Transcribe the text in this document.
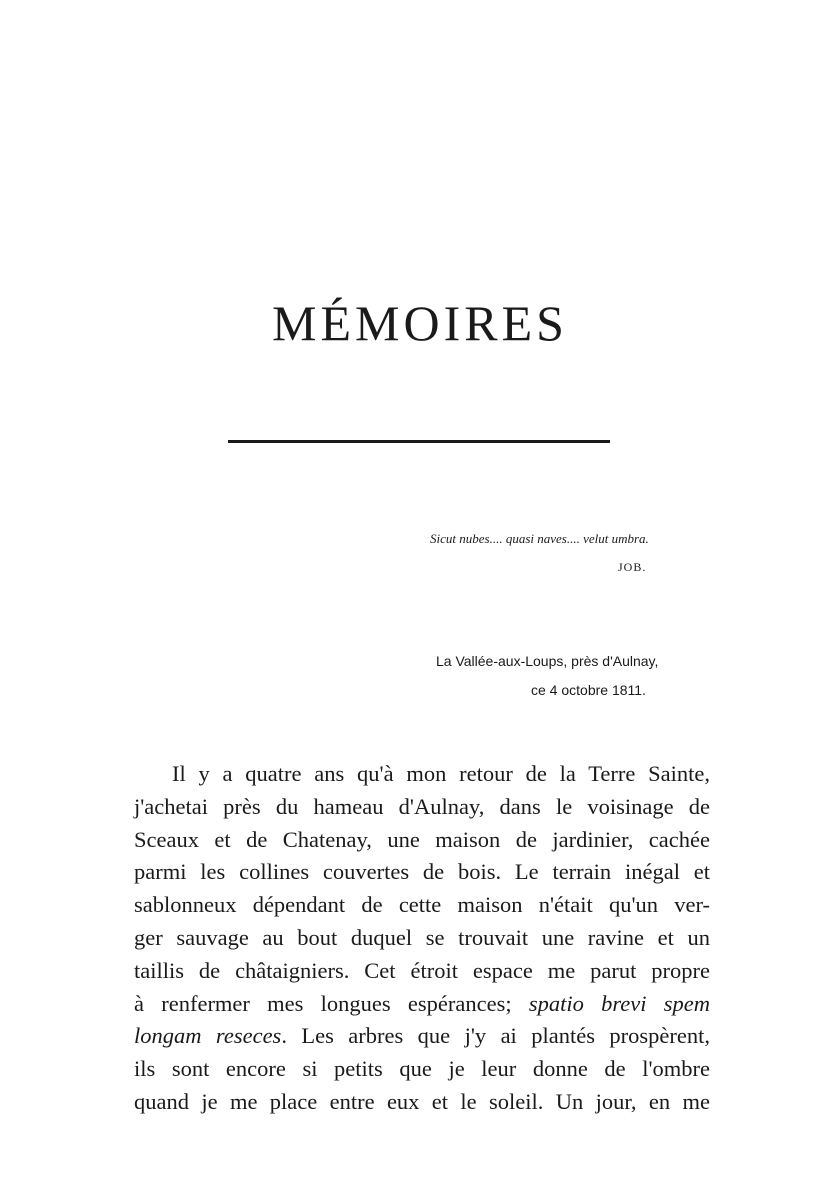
MÉMOIRES
Sicut nubes.... quasi naves.... velut umbra.
JOB.
La Vallée-aux-Loups, près d'Aulnay,
ce 4 octobre 1811.
Il y a quatre ans qu'à mon retour de la Terre Sainte,
j'achetai près du hameau d'Aulnay, dans le voisinage de
Sceaux et de Chatenay, une maison de jardinier, cachée
parmi les collines couvertes de bois. Le terrain inégal et
sablonneux dépendant de cette maison n'était qu'un ver-
ger sauvage au bout duquel se trouvait une ravine et un
taillis de châtaigniers. Cet étroit espace me parut propre
à renfermer mes longues espérances; spatio brevi spem
longam reseces. Les arbres que j'y ai plantés prospèrent,
ils sont encore si petits que je leur donne de l'ombre
quand je me place entre eux et le soleil. Un jour, en me
